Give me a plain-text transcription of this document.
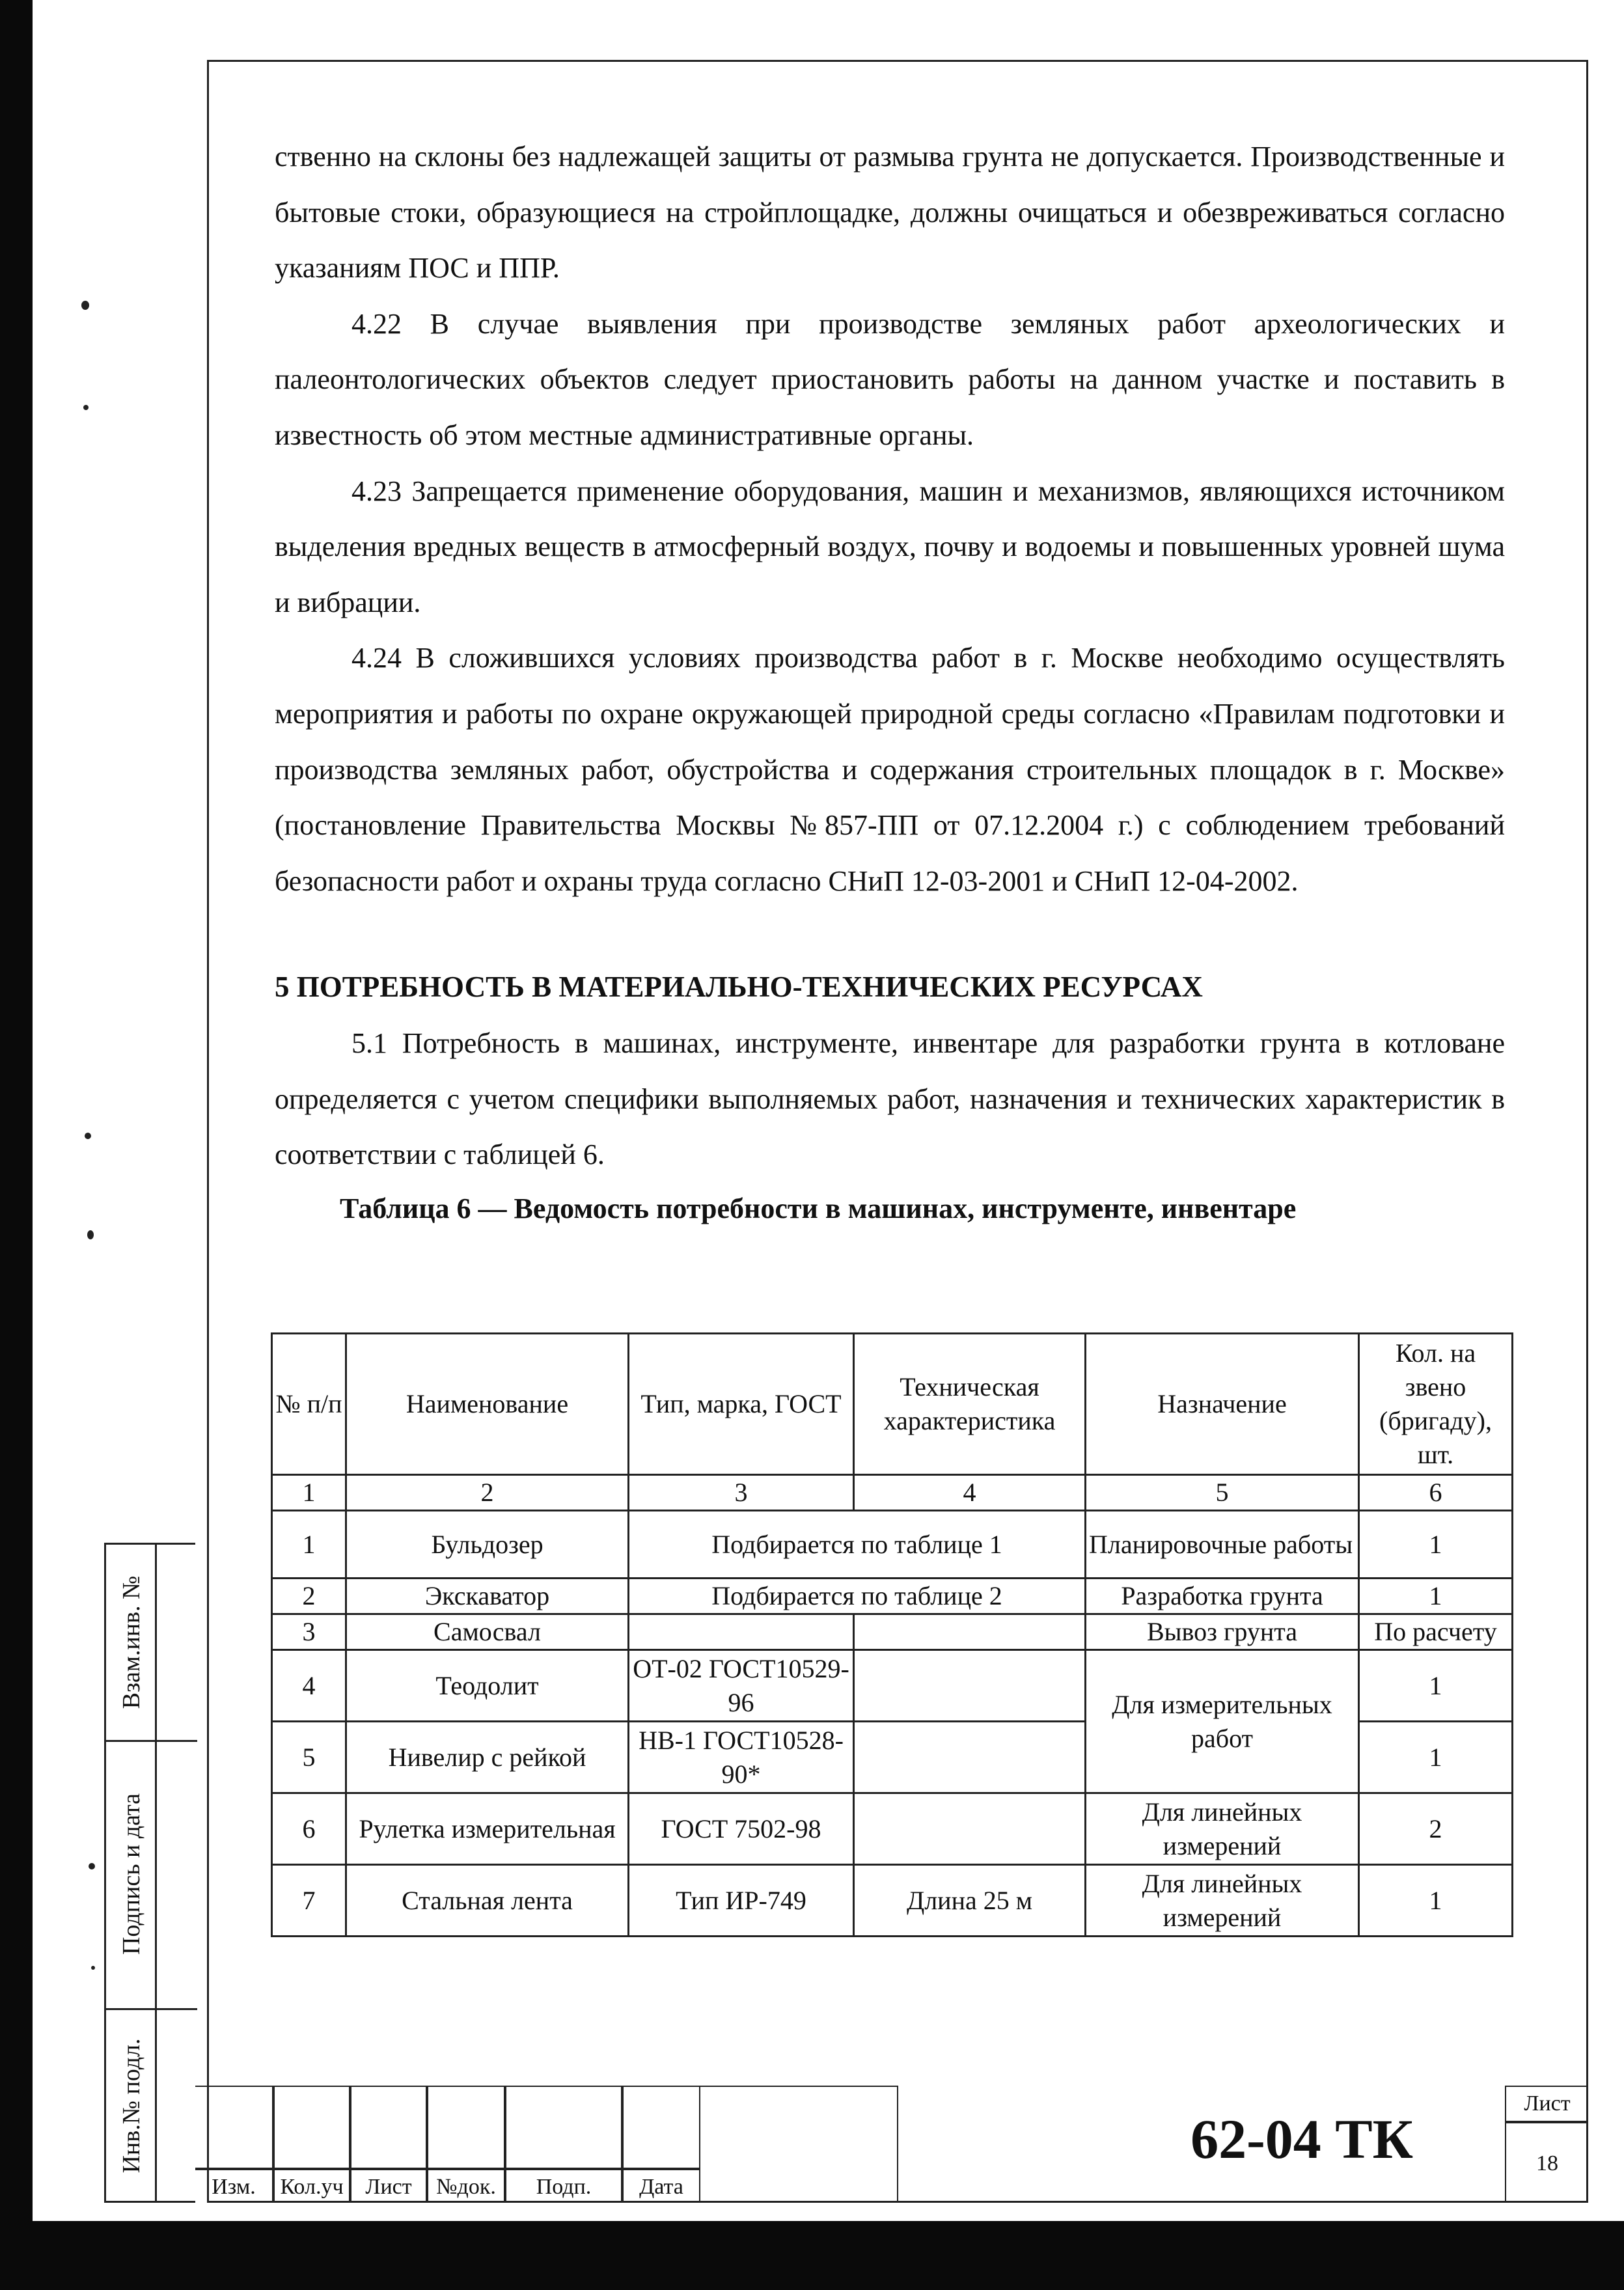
ственно на склоны без надлежащей защиты от размыва грунта не допускается. Производственные и бытовые стоки, образующиеся на стройплощадке, должны очищаться и обезвреживаться согласно указаниям ПОС и ППР.

4.22 В случае выявления при производстве земляных работ археологических и палеонтологических объектов следует приостановить работы на данном участке и поставить в известность об этом местные административные органы.

4.23 Запрещается применение оборудования, машин и механизмов, являющихся источником выделения вредных веществ в атмосферный воздух, почву и водоемы и повышенных уровней шума и вибрации.

4.24 В сложившихся условиях производства работ в г. Москве необходимо осуществлять мероприятия и работы по охране окружающей природной среды согласно «Правилам подготовки и производства земляных работ, обустройства и содержания строительных площадок в г. Москве» (постановление Правительства Москвы №857-ПП от 07.12.2004 г.) с соблюдением требований безопасности работ и охраны труда согласно СНиП 12-03-2001 и СНиП 12-04-2002.

5 ПОТРЕБНОСТЬ В МАТЕРИАЛЬНО-ТЕХНИЧЕСКИХ РЕСУРСАХ

5.1 Потребность в машинах, инструменте, инвентаре для разработки грунта в котловане определяется с учетом специфики выполняемых работ, назначения и технических характеристик в соответствии с таблицей 6.

Таблица 6 — Ведомость потребности в машинах, инструменте, инвентаре

№ п/п	Наименование	Тип, марка, ГОСТ	Техническая характеристика	Назначение	Кол. на звено (бригаду), шт.
1	2	3	4	5	6
1	Бульдозер	Подбирается по таблице 1		Планировочные работы	1
2	Экскаватор	Подбирается по таблице 2		Разработка грунта	1
3	Самосвал			Вывоз грунта	По расчету
4	Теодолит	ОТ-02 ГОСТ10529-96		Для измерительных работ	1
5	Нивелир с рейкой	НВ-1 ГОСТ10528-90*			1
6	Рулетка измерительная	ГОСТ 7502-98		Для линейных измерений	2
7	Стальная лента	Тип ИР-749	Длина 25 м	Для линейных измерений	1
Взам.инв. №
Подпись и дата
Инв.№ подл.
Изм.	Кол.уч Лист	№док.	Подп.	Дата
62-04 ТК
Лист
18
